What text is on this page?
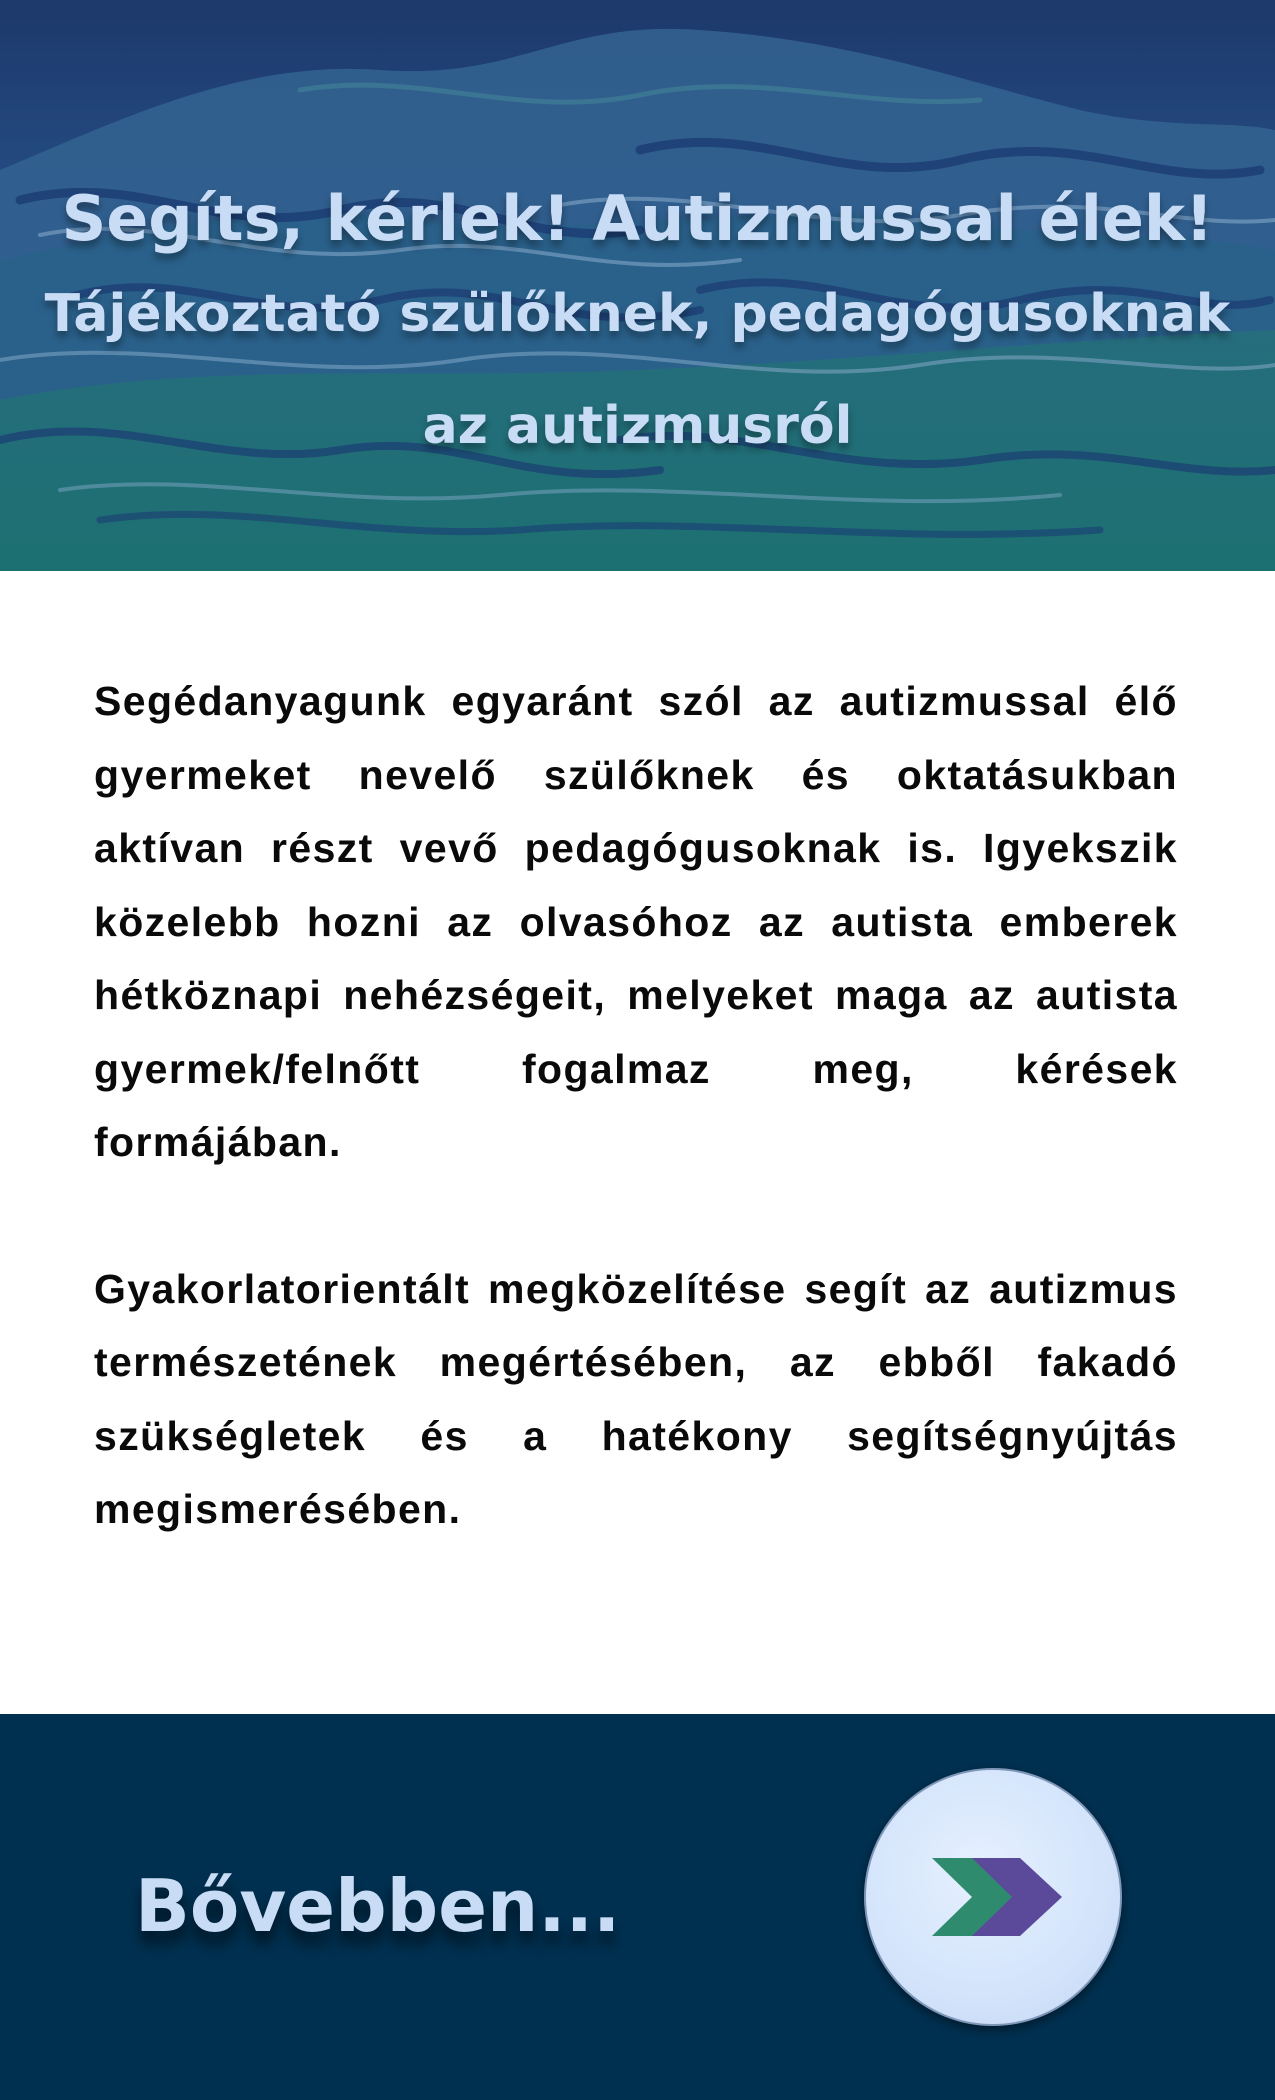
Segíts, kérlek! Autizmussal élek!
Tájékoztató szülőknek, pedagógusoknak
az autizmusról

Segédanyagunk egyaránt szól az autizmussal élő gyermeket nevelő szülőknek és oktatásukban aktívan részt vevő pedagógusoknak is. Igyekszik közelebb hozni az olvasóhoz az autista emberek hétköznapi nehézségeit, melyeket maga az autista gyermek/felnőtt fogalmaz meg, kérések formájában.

Gyakorlatorientált megközelítése segít az autizmus természetének megértésében, az ebből fakadó szükségletek és a hatékony segítségnyújtás megismerésében.

Bővebben...
